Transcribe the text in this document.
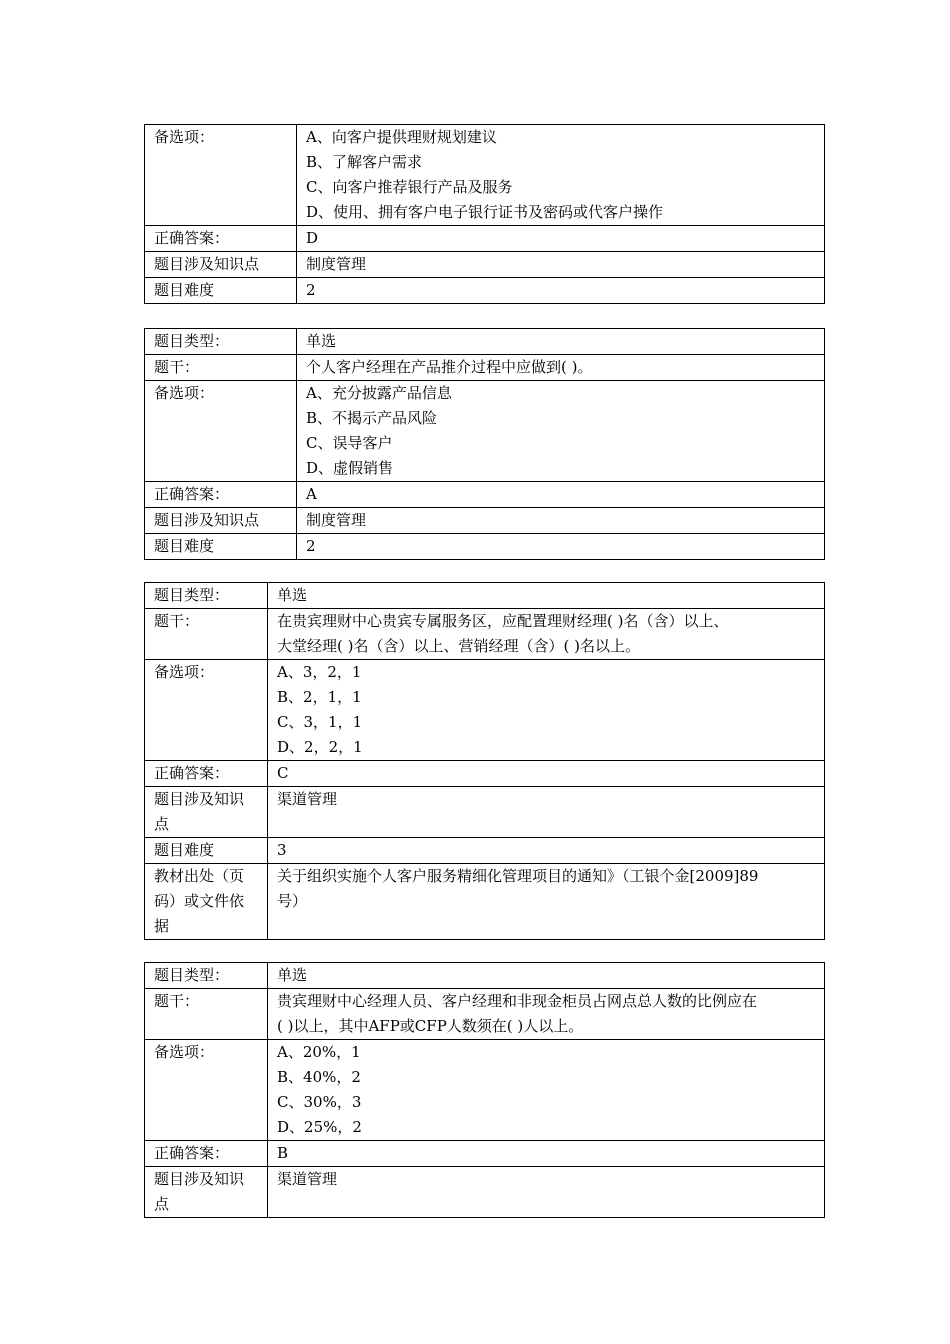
备选项：	A、向客户提供理财规划建议
B、了解客户需求
C、向客户推荐银行产品及服务
D、使用、拥有客户电子银行证书及密码或代客户操作

正确答案：	D
题目涉及知识点	制度管理
题目难度	2
题目类型：	单选
题干：	个人客户经理在产品推介过程中应做到( )。
备选项：	A、充分披露产品信息
B、不揭示产品风险
C、误导客户
D、虚假销售

正确答案：	A
题目涉及知识点	制度管理
题目难度	2
题目类型：	单选
题干：	在贵宾理财中心贵宾专属服务区，应配置理财经理( )名（含）以上、
大堂经理( )名（含）以上、营销经理（含）( )名以上。

备选项：	A、3，2，1
B、2，1，1
C、3，1，1
D、2，2，1

正确答案：	C
题目涉及知识点	渠道管理
题目难度	3
教材出处（页码）或文件依据	关于组织实施个人客户服务精细化管理项目的通知》（工银个金[2009]89
号）
题目类型：	单选
题干：	贵宾理财中心经理人员、客户经理和非现金柜员占网点总人数的比例应在
( )以上，其中AFP或CFP人数须在( )人以上。

备选项：	A、20%，1
B、40%，2
C、30%，3
D、25%，2

正确答案：	B
题目涉及知识点	渠道管理
